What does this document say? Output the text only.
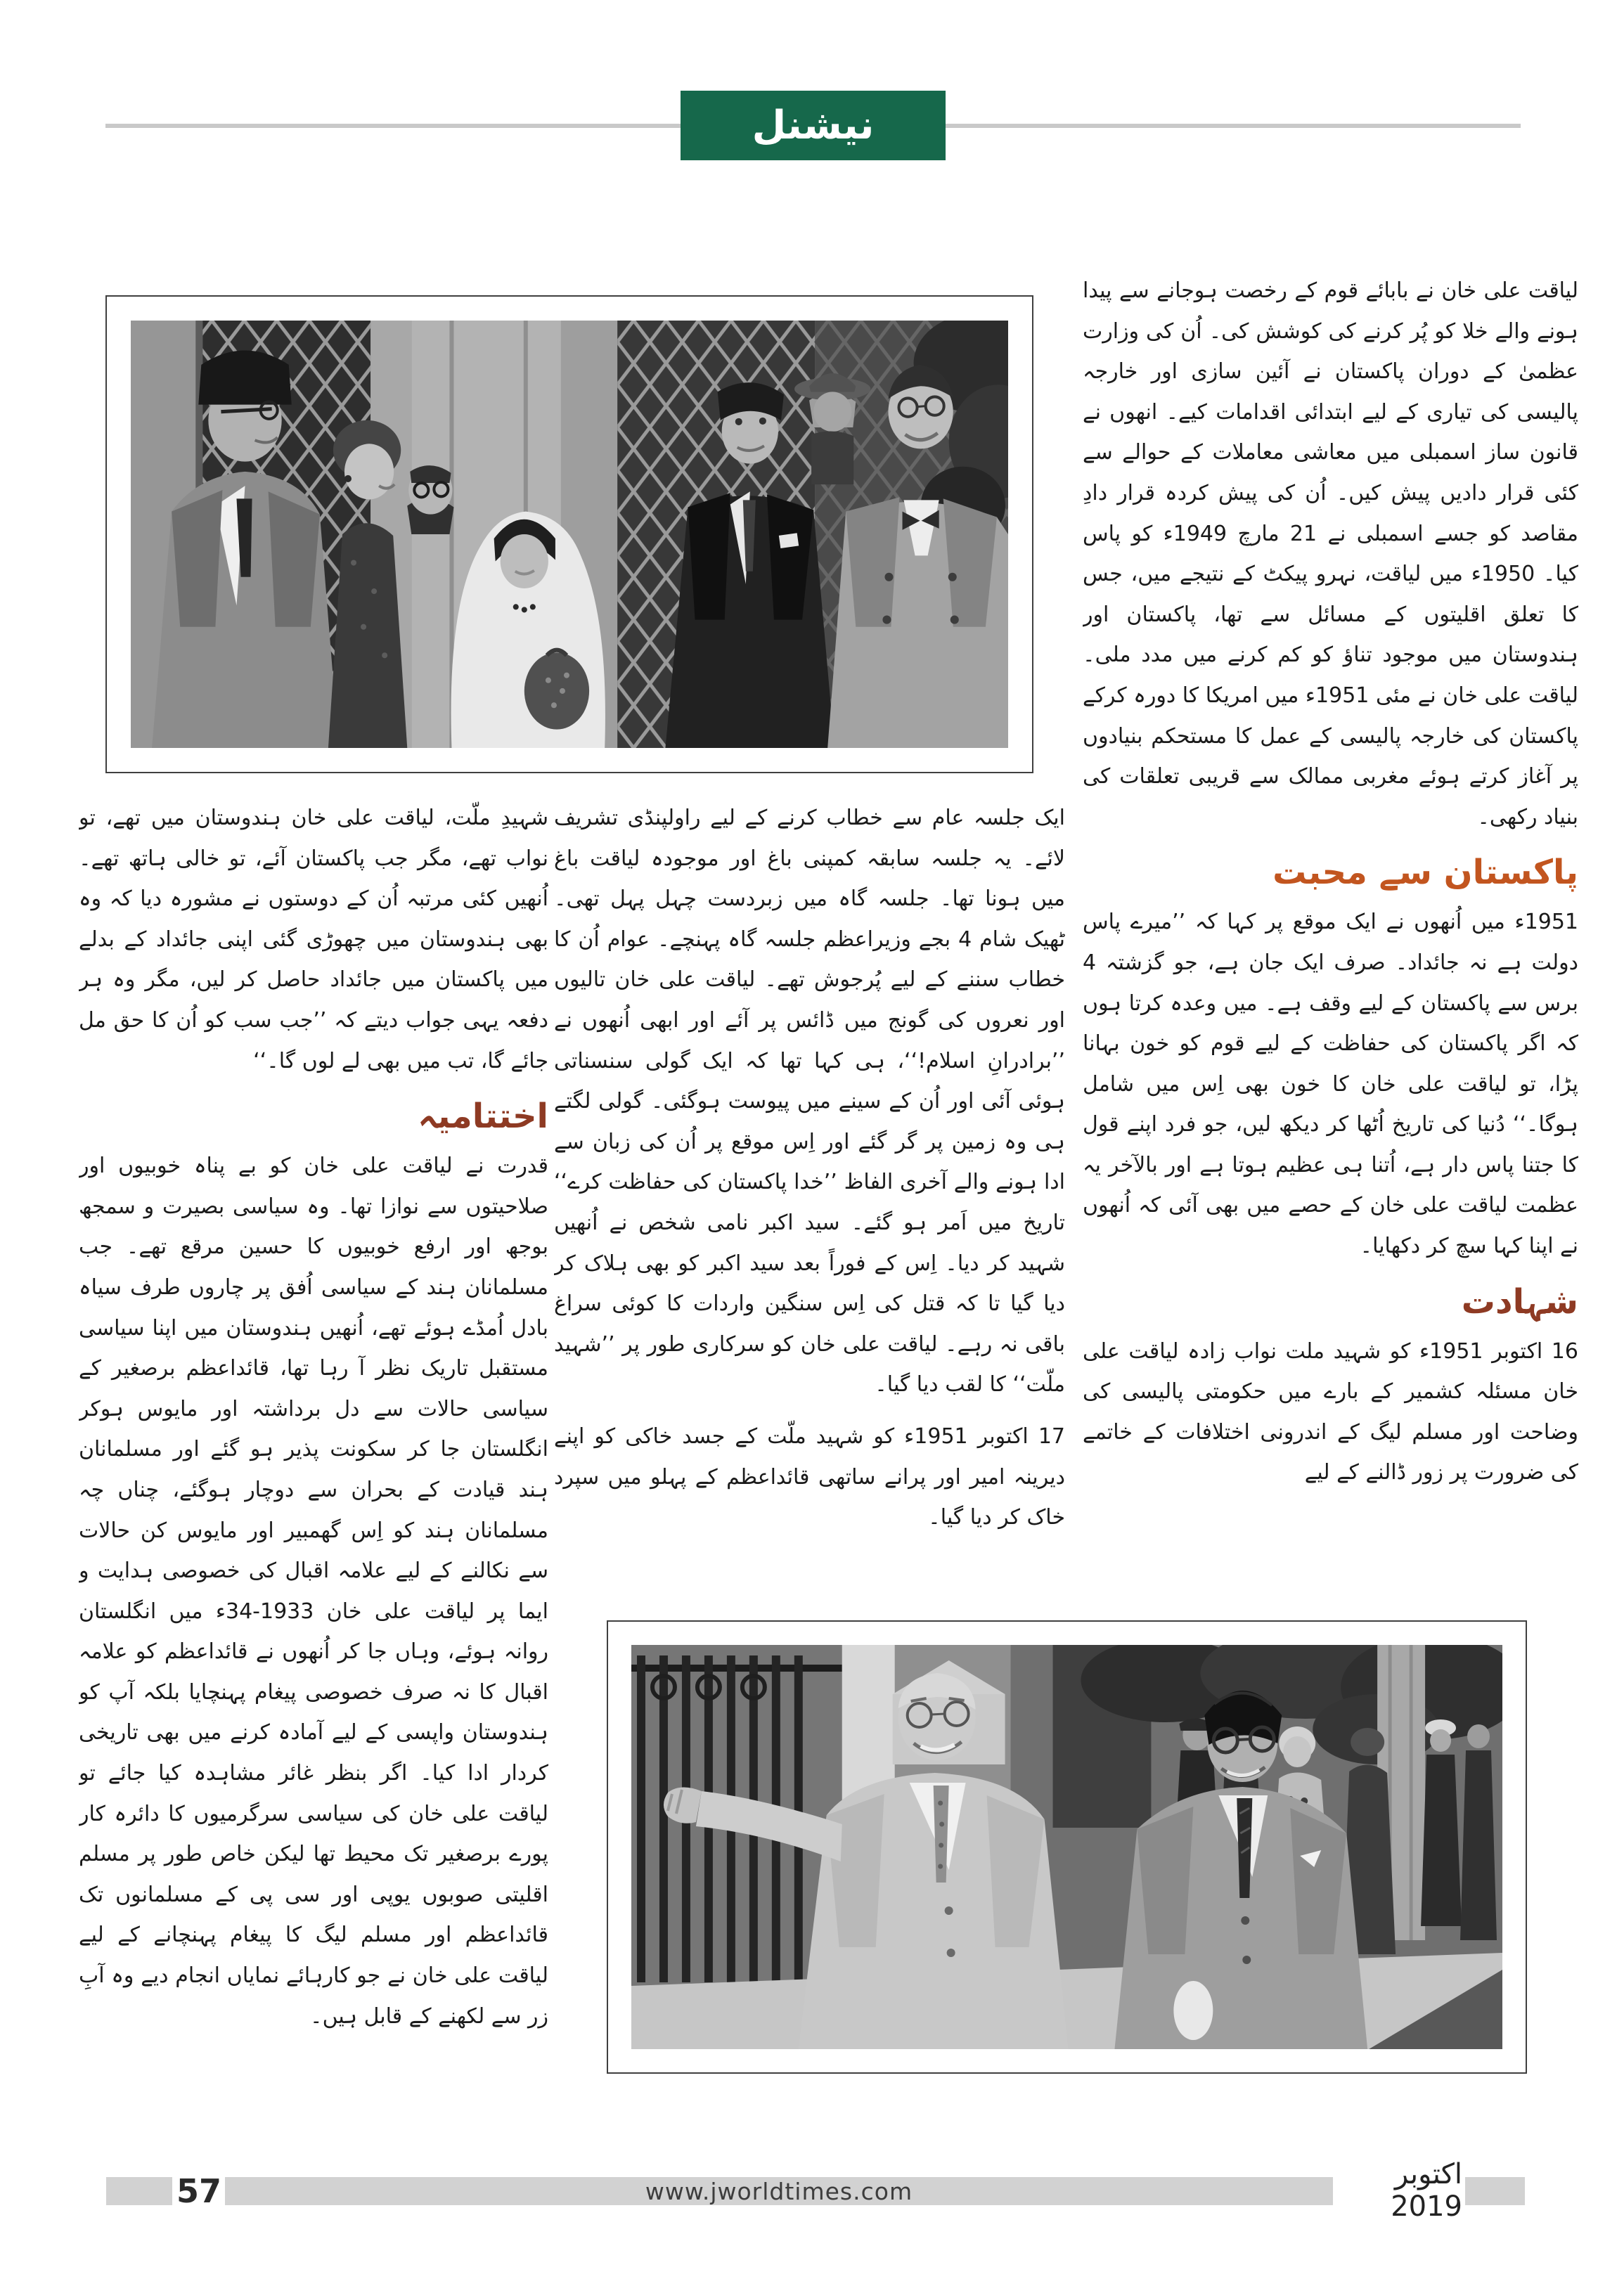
نیشنل

لیاقت علی خان نے بابائے قوم کے رخصت ہوجانے سے پیدا ہونے والے خلا کو پُر کرنے کی کوشش کی۔ اُن کی وزارت عظمیٰ کے دوران پاکستان نے آئین سازی اور خارجہ پالیسی کی تیاری کے لیے ابتدائی اقدامات کیے۔ انھوں نے قانون ساز اسمبلی میں معاشی معاملات کے حوالے سے کئی قرار دادیں پیش کیں۔ اُن کی پیش کردہ قرار دادِ مقاصد کو جسے اسمبلی نے 21 مارچ 1949ء کو پاس کیا۔ 1950ء میں لیاقت، نہرو پیکٹ کے نتیجے میں، جس کا تعلق اقلیتوں کے مسائل سے تھا، پاکستان اور ہندوستان میں موجود تناؤ کو کم کرنے میں مدد ملی۔ لیاقت علی خان نے مئی 1951ء میں امریکا کا دورہ کرکے پاکستان کی خارجہ پالیسی کے عمل کا مستحکم بنیادوں پر آغاز کرتے ہوئے مغربی ممالک سے قریبی تعلقات کی بنیاد رکھی۔

پاکستان سے محبت

1951ء میں اُنھوں نے ایک موقع پر کہا کہ ’’میرے پاس دولت ہے نہ جائداد۔ صرف ایک جان ہے، جو گزشتہ 4 برس سے پاکستان کے لیے وقف ہے۔ میں وعدہ کرتا ہوں کہ اگر پاکستان کی حفاظت کے لیے قوم کو خون بہانا پڑا، تو لیاقت علی خان کا خون بھی اِس میں شامل ہوگا۔‘‘ دُنیا کی تاریخ اُٹھا کر دیکھ لیں، جو فرد اپنے قول کا جتنا پاس دار ہے، اُتنا ہی عظیم ہوتا ہے اور بالآخر یہ عظمت لیاقت علی خان کے حصے میں بھی آئی کہ اُنھوں نے اپنا کہا سچ کر دکھایا۔

شہادت

16 اکتوبر 1951ء کو شہید ملت نواب زادہ لیاقت علی خان مسئلہ کشمیر کے بارے میں حکومتی پالیسی کی وضاحت اور مسلم لیگ کے اندرونی اختلافات کے خاتمے کی ضرورت پر زور ڈالنے کے لیے

ایک جلسہ عام سے خطاب کرنے کے لیے راولپنڈی تشریف لائے۔ یہ جلسہ سابقہ کمپنی باغ اور موجودہ لیاقت باغ میں ہونا تھا۔ جلسہ گاہ میں زبردست چہل پہل تھی۔ ٹھیک شام 4 بجے وزیراعظم جلسہ گاہ پہنچے۔ عوام اُن کا خطاب سننے کے لیے پُرجوش تھے۔ لیاقت علی خان تالیوں اور نعروں کی گونج میں ڈائس پر آئے اور ابھی اُنھوں نے ’’برادرانِ اسلام!‘‘، ہی کہا تھا کہ ایک گولی سنسناتی ہوئی آئی اور اُن کے سینے میں پیوست ہوگئی۔ گولی لگتے ہی وہ زمین پر گر گئے اور اِس موقع پر اُن کی زبان سے ادا ہونے والے آخری الفاظ ’’خدا پاکستان کی حفاظت کرے‘‘ تاریخ میں اَمر ہو گئے۔ سید اکبر نامی شخص نے اُنھیں شہید کر دیا۔ اِس کے فوراً بعد سید اکبر کو بھی ہلاک کر دیا گیا تا کہ قتل کی اِس سنگین واردات کا کوئی سراغ باقی نہ رہے۔ لیاقت علی خان کو سرکاری طور پر ’’شہید ملّت‘‘ کا لقب دیا گیا۔

17 اکتوبر 1951ء کو شہید ملّت کے جسد خاکی کو اپنے دیرینہ امیر اور پرانے ساتھی قائداعظم کے پہلو میں سپرد خاک کر دیا گیا۔

شہیدِ ملّت، لیاقت علی خان ہندوستان میں تھے، تو نواب تھے، مگر جب پاکستان آئے، تو خالی ہاتھ تھے۔ اُنھیں کئی مرتبہ اُن کے دوستوں نے مشورہ دیا کہ وہ بھی ہندوستان میں چھوڑی گئی اپنی جائداد کے بدلے میں پاکستان میں جائداد حاصل کر لیں، مگر وہ ہر دفعہ یہی جواب دیتے کہ ’’جب سب کو اُن کا حق مل جائے گا، تب میں بھی لے لوں گا۔‘‘

اختتامیہ

قدرت نے لیاقت علی خان کو بے پناہ خوبیوں اور صلاحیتوں سے نوازا تھا۔ وہ سیاسی بصیرت و سمجھ بوجھ اور ارفع خوبیوں کا حسین مرقع تھے۔ جب مسلمانان ہند کے سیاسی اُفق پر چاروں طرف سیاہ بادل اُمڈے ہوئے تھے، اُنھیں ہندوستان میں اپنا سیاسی مستقبل تاریک نظر آ رہا تھا، قائداعظم برصغیر کے سیاسی حالات سے دل برداشتہ اور مایوس ہوکر انگلستان جا کر سکونت پذیر ہو گئے اور مسلمانان ہند قیادت کے بحران سے دوچار ہوگئے، چناں چہ مسلمانان ہند کو اِس گھمبیر اور مایوس کن حالات سے نکالنے کے لیے علامہ اقبال کی خصوصی ہدایت و ایما پر لیاقت علی خان 1933-34ء میں انگلستان روانہ ہوئے، وہاں جا کر اُنھوں نے قائداعظم کو علامہ اقبال کا نہ صرف خصوصی پیغام پہنچایا بلکہ آپ کو ہندوستان واپسی کے لیے آمادہ کرنے میں بھی تاریخی کردار ادا کیا۔ اگر بنظر غائر مشاہدہ کیا جائے تو لیاقت علی خان کی سیاسی سرگرمیوں کا دائرہ کار پورے برصغیر تک محیط تھا لیکن خاص طور پر مسلم اقلیتی صوبوں یوپی اور سی پی کے مسلمانوں تک قائداعظم اور مسلم لیگ کا پیغام پہنچانے کے لیے لیاقت علی خان نے جو کارہائے نمایاں انجام دیے وہ آبِ زر سے لکھنے کے قابل ہیں۔

57	www.jworldtimes.com
اکتوبر 2019
